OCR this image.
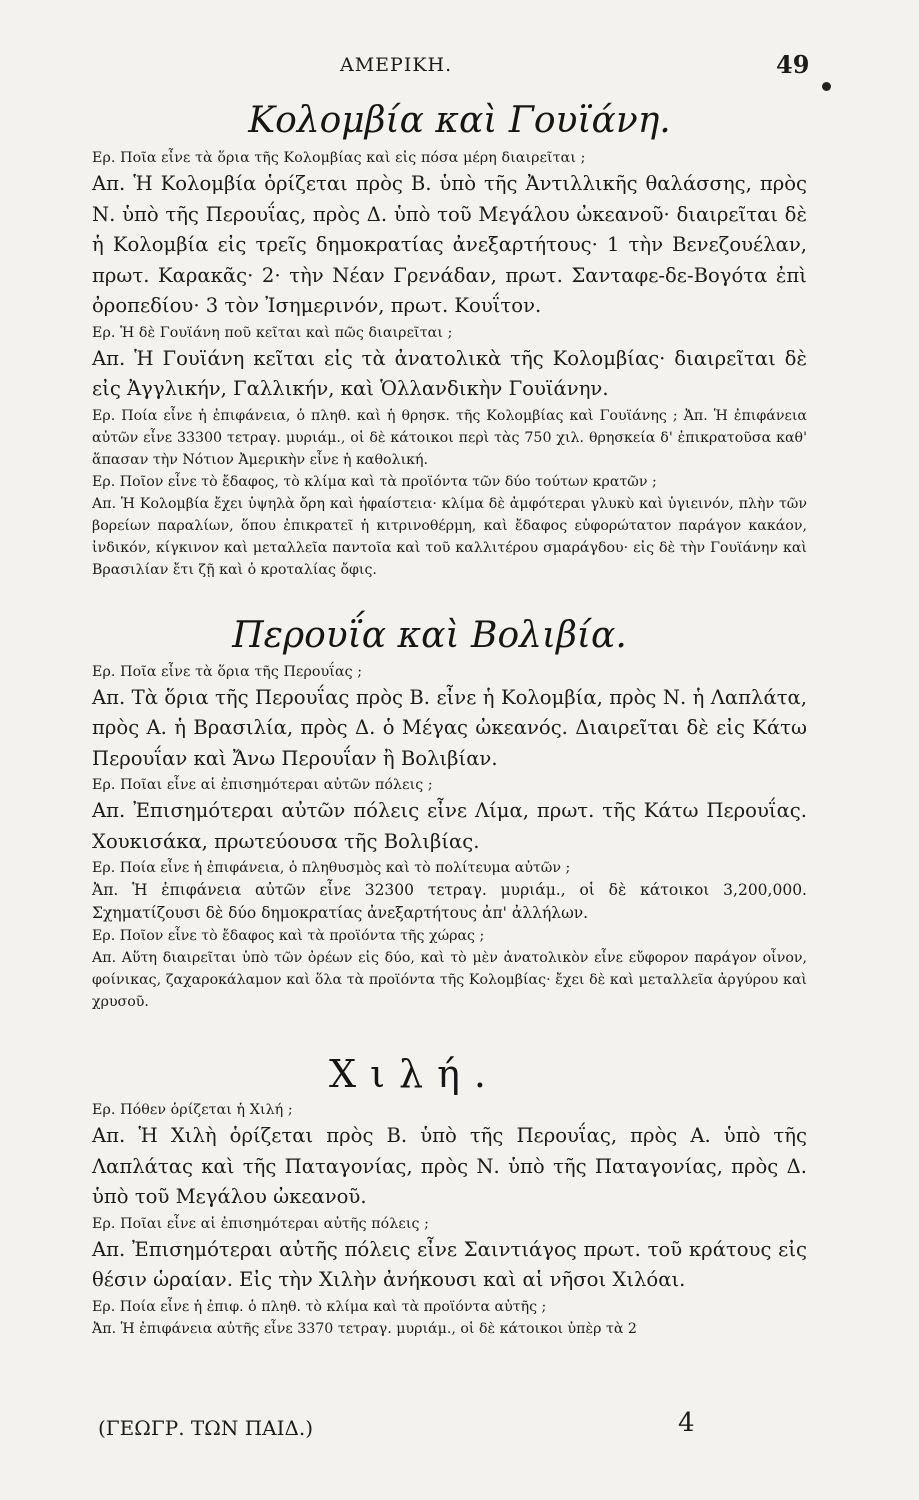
ΑΜΕΡΙΚΗ.	49
Κολομβία καὶ Γουϊάνη.

Ερ. Ποῖα εἶνε τὰ ὅρια τῆς Κολομβίας καὶ εἰς πόσα μέρη διαιρεῖται ;

Απ. Ἡ Κολομβία ὁρίζεται πρὸς Β. ὑπὸ τῆς Ἀντιλλικῆς θαλάσσης, πρὸς Ν. ὑπὸ τῆς Περουΐας, πρὸς Δ. ὑπὸ τοῦ Μεγάλου ὠκεανοῦ· διαιρεῖται δὲ ἡ Κολομβία εἰς τρεῖς δημοκρατίας ἀνεξαρτήτους· 1 τὴν Βενεζουέλαν, πρωτ. Καρακᾶς· 2· τὴν Νέαν Γρενάδαν, πρωτ. Σανταφε-δε-Βογότα ἐπὶ ὀροπεδίου· 3 τὸν Ἰσημερινόν, πρωτ. Κουΐτον.

Ερ. Ἡ δὲ Γουϊάνη ποῦ κεῖται καὶ πῶς διαιρεῖται ;

Απ. Ἡ Γουϊάνη κεῖται εἰς τὰ ἀνατολικὰ τῆς Κολομβίας· διαιρεῖται δὲ εἰς Ἀγγλικήν, Γαλλικήν, καὶ Ὁλλανδικὴν Γουϊάνην.

Ερ. Ποία εἶνε ἡ ἐπιφάνεια, ὁ πληθ. καὶ ἡ θρησκ. τῆς Κολομβίας καὶ Γουϊάνης ; Ἀπ. Ἡ ἐπιφάνεια αὐτῶν εἶνε 33300 τετραγ. μυριάμ., οἱ δὲ κάτοικοι περὶ τὰς 750 χιλ. θρησκεία δ' ἐπικρατοῦσα καθ' ἅπασαν τὴν Νότιον Ἀμερικὴν εἶνε ἡ καθολική.

Ερ. Ποῖον εἶνε τὸ ἔδαφος, τὸ κλίμα καὶ τὰ προϊόντα τῶν δύο τούτων κρατῶν ;

Απ. Ἡ Κολομβία ἔχει ὑψηλὰ ὄρη καὶ ἡφαίστεια· κλίμα δὲ ἀμφότεραι γλυκὺ καὶ ὑγιεινόν, πλὴν τῶν βορείων παραλίων, ὅπου ἐπικρατεῖ ἡ κιτρινοθέρμη, καὶ ἔδαφος εὐφορώτατον παράγον κακάον, ἰνδικόν, κίγκινον καὶ μεταλλεῖα παντοῖα καὶ τοῦ καλλιτέρου σμαράγδου· εἰς δὲ τὴν Γουϊάνην καὶ Βρασιλίαν ἔτι ζῇ καὶ ὁ κροταλίας ὄφις.

Περουΐα καὶ Βολιβία.

Ερ. Ποῖα εἶνε τὰ ὅρια τῆς Περουΐας ;

Απ. Τὰ ὅρια τῆς Περουΐας πρὸς Β. εἶνε ἡ Κολομβία, πρὸς Ν. ἡ Λαπλάτα, πρὸς Α. ἡ Βρασιλία, πρὸς Δ. ὁ Μέγας ὠκεανός. Διαιρεῖται δὲ εἰς Κάτω Περουΐαν καὶ Ἄνω Περουΐαν ἢ Βολιβίαν.

Ερ. Ποῖαι εἶνε αἱ ἐπισημότεραι αὐτῶν πόλεις ;

Απ. Ἐπισημότεραι αὐτῶν πόλεις εἶνε Λίμα, πρωτ. τῆς Κάτω Περουΐας. Χουκισάκα, πρωτεύουσα τῆς Βολιβίας.

Ερ. Ποία εἶνε ἡ ἐπιφάνεια, ὁ πληθυσμὸς καὶ τὸ πολίτευμα αὐτῶν ;

Ἀπ. Ἡ ἐπιφάνεια αὐτῶν εἶνε 32300 τετραγ. μυριάμ., οἱ δὲ κάτοικοι 3,200,000. Σχηματίζουσι δὲ δύο δημοκρατίας ἀνεξαρτήτους ἀπ' ἀλλήλων.

Ερ. Ποῖον εἶνε τὸ ἔδαφος καὶ τὰ προϊόντα τῆς χώρας ;

Απ. Αὕτη διαιρεῖται ὑπὸ τῶν ὀρέων εἰς δύο, καὶ τὸ μὲν ἀνατολικὸν εἶνε εὔφορον παράγον οἶνον, φοίνικας, ζαχαροκάλαμον καὶ ὅλα τὰ προϊόντα τῆς Κολομβίας· ἔχει δὲ καὶ μεταλλεῖα ἀργύρου καὶ χρυσοῦ.

Χιλή.

Ερ. Πόθεν ὁρίζεται ἡ Χιλή ;

Απ. Ἡ Χιλὴ ὁρίζεται πρὸς Β. ὑπὸ τῆς Περουΐας, πρὸς Α. ὑπὸ τῆς Λαπλάτας καὶ τῆς Παταγονίας, πρὸς Ν. ὑπὸ τῆς Παταγονίας, πρὸς Δ. ὑπὸ τοῦ Μεγάλου ὠκεανοῦ.

Ερ. Ποῖαι εἶνε αἱ ἐπισημότεραι αὐτῆς πόλεις ;

Απ. Ἐπισημότεραι αὐτῆς πόλεις εἶνε Σαιντιάγος πρωτ. τοῦ κράτους εἰς θέσιν ὡραίαν. Εἰς τὴν Χιλὴν ἀνήκουσι καὶ αἱ νῆσοι Χιλόαι.

Ερ. Ποία εἶνε ἡ ἐπιφ. ὁ πληθ. τὸ κλίμα καὶ τὰ προϊόντα αὐτῆς ;

Ἀπ. Ἡ ἐπιφάνεια αὐτῆς εἶνε 3370 τετραγ. μυριάμ., οἱ δὲ κάτοικοι ὑπὲρ τὰ 2

(ΓΕΩΓΡ. ΤΩΝ ΠΑΙΔ.)	4
